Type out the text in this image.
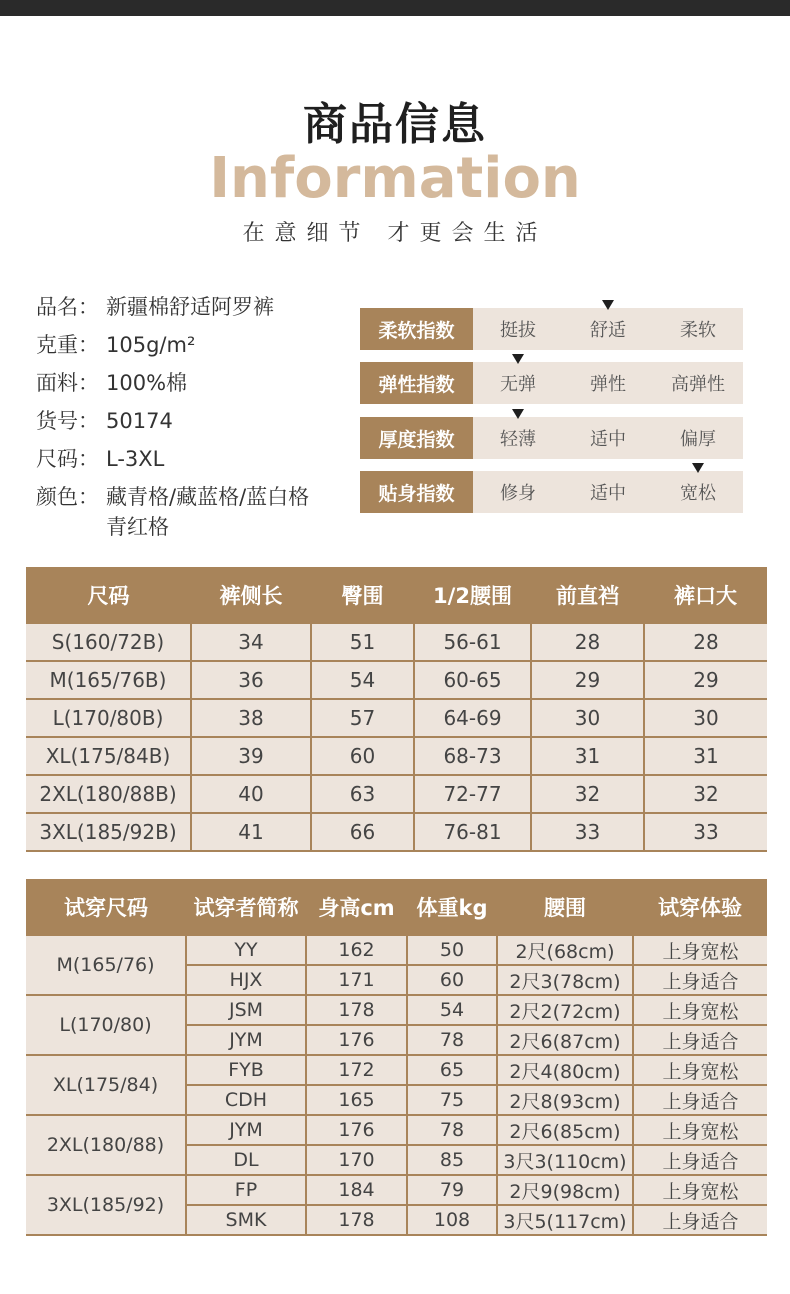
商品信息
Information
在意细节 才更会生活
品名： 新疆棉舒适阿罗裤
克重： 105g/m²
面料： 100%棉
货号： 50174
尺码： L-3XL
颜色： 藏青格/藏蓝格/蓝白格
青红格
柔软指数	挺拔	舒适	柔软
弹性指数	无弹	弹性	高弹性
厚度指数	轻薄	适中	偏厚
贴身指数	修身	适中	宽松
尺码	裤侧长	臀围	1/2腰围	前直裆	裤口大
S(160/72B)	34	51	56-61	28	28
M(165/76B)	36	54	60-65	29	29
L(170/80B)	38	57	64-69	30	30
XL(175/84B)	39	60	68-73	31	31
2XL(180/88B)	40	63	72-77	32	32
3XL(185/92B)	41	66	76-81	33	33
试穿尺码	试穿者简称	身高cm	体重kg	腰围	试穿体验
M(165/76)	YY	162	50	2尺(68cm)	上身宽松
	HJX	171	60	2尺3(78cm)	上身适合
L(170/80)	JSM	178	54	2尺2(72cm)	上身宽松
	JYM	176	78	2尺6(87cm)	上身适合
XL(175/84)	FYB	172	65	2尺4(80cm)	上身宽松
	CDH	165	75	2尺8(93cm)	上身适合
2XL(180/88)	JYM	176	78	2尺6(85cm)	上身宽松
	DL	170	85	3尺3(110cm)	上身适合
3XL(185/92)	FP	184	79	2尺9(98cm)	上身宽松
	SMK	178	108	3尺5(117cm)	上身适合
